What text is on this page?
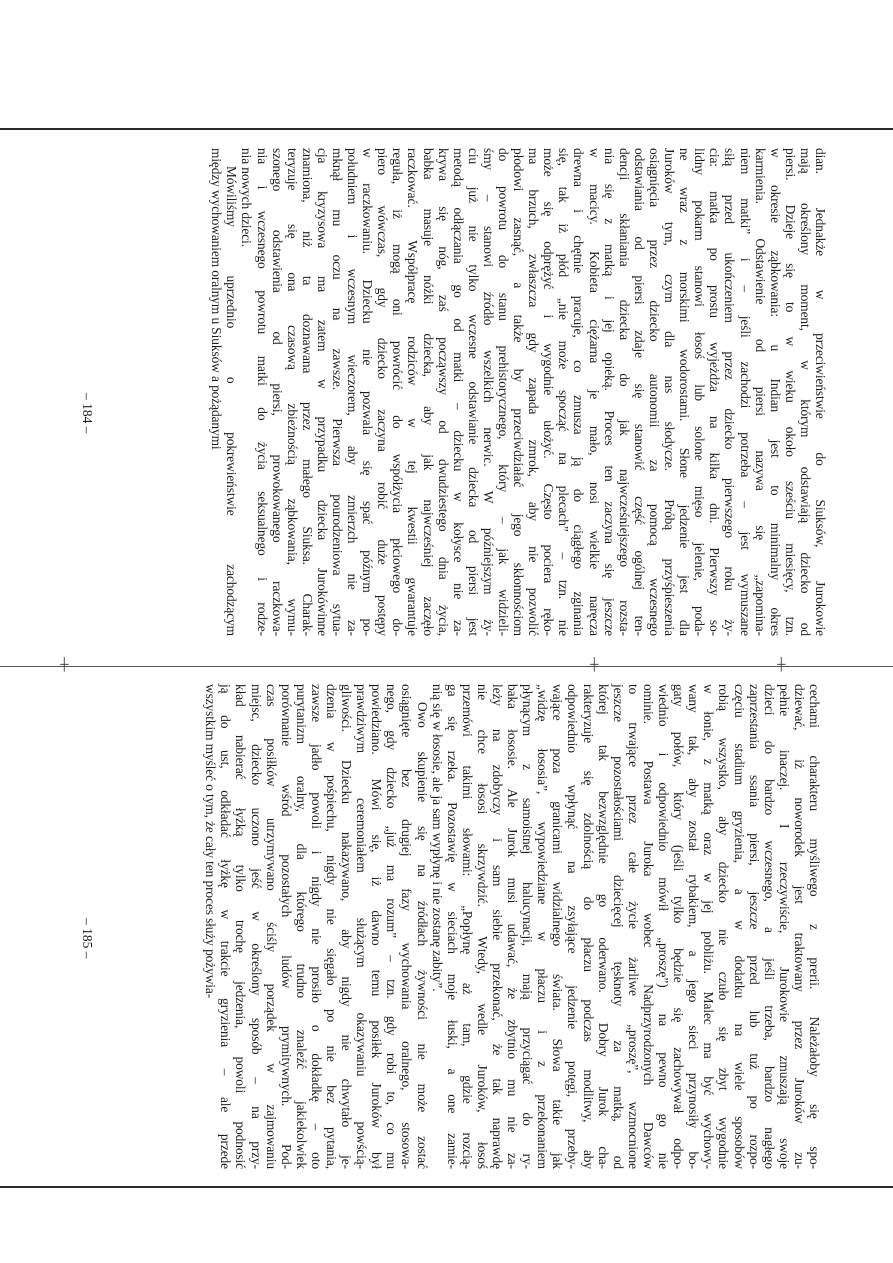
┼	┼	┼
dian. Jednakże w przeciwieństwie do Siuksów, Jurokowie
mają określony moment, w którym odstawiają dziecko od
piersi. Dzieje się to w wieku około sześciu miesięcy, tzn.
w okresie ząbkowania: u Indian jest to minimalny okres
karmienia. Odstawienie od piersi nazywa się „zapomina-
niem matki” i – jeśli zachodzi potrzeba – jest wymuszane
siłą przed ukończeniem przez dziecko pierwszego roku ży-
cia: matka po prostu wyjeżdża na kilka dni. Pierwszy so-
lidny pokarm stanowi łosoś lub solone mięso jelenie, poda-
ne wraz z morskimi wodorostami. Słone jedzenie jest dla
Juroków tym, czym dla nas słodycze. Próbą przyśpieszenia
osiągnięcia przez dziecko autonomii za pomocą wczesnego
odstawiania od piersi zdaje się stanowić część ogólnej ten-
dencji skłaniania dziecka do jak najwcześniejszego rozsta-
nia się z matką i jej opieką. Proces ten zaczyna się jeszcze
w macicy. Kobieta ciężarna je mało, nosi wielkie naręcza
drewna i chętnie pracuje, co zmusza ją do ciągłego zginania
się, tak iż płód „nie może spocząć na plecach” – tzn. nie
może się odprężyć i wygodnie ułożyć. Często pociera ręko-
ma brzuch, zwłaszcza gdy zapada zmrok, aby nie pozwolić
płodowi zasnąć, a także by przeciwdziałać jego skłonnościom
do powrotu do stanu prehistorycznego, który – jak widzieli-
śmy – stanowi źródło wszelkich nerwic. W późniejszym ży-
ciu już nie tylko wczesne odstawianie dziecka od piersi jest
metodą odłączania go od matki – dziecku w kołysce nie za-
krywa się nóg, zaś począwszy od dwudziestego dnia życia,
babka masuje nóżki dziecka, aby jak najwcześniej zaczęło
raczkować. Współpracę rodziców w tej kwestii gwarantuje
reguła, iż mogą oni powrócić do współżycia płciowego do-
piero wówczas, gdy dziecko zaczyna robić duże postępy
w raczkowaniu. Dziecku nie pozwala się spać późnym po-
południem i wczesnym wieczorem, aby zmierzch nie za-
mknął mu oczu na zawsze. Pierwsza pourodzeniowa sytua-
cja kryzysowa ma zatem w przypadku dziecka Jurokówinne
znamiona, niż ta doznawana przez małego Siuksa. Charak-
teryzuje się ona czasową zbieżnością ząbkowania, wymu-
szonego odstawienia od piersi, prowokowanego raczkowa-
nia i wczesnego powrotu matki do życia seksualnego i rodze-
nia nowych dzieci.
Mówiliśmy uprzednio o pokrewieństwie zachodzącym
między wychowaniem oralnym u Siuksów a pożądanymi
– 184 –
cechami charakteru myśliwego z prerii. Należałoby się spo-
dziewać, iż noworodek jest traktowany przez Juroków zu-
pełnie inaczej. I rzeczywiście, Jurokowie zmuszają swoje
dzieci do bardzo wczesnego, a jeśli trzeba, bardzo nagłego
zaprzestania ssania piersi, jeszcze przed lub tuż po rozpo-
częciu stadium gryzienia, a w dodatku na wiele sposobów
robią wszystko, aby dziecko nie czuło się zbyt wygodnie
w łonie, z matką oraz w jej pobliżu. Malec ma być wychowy-
wany tak, aby został rybakiem, a jego sieci przynosiły bo-
gaty połów, który (jeśli tylko będzie się zachowywał odpo-
wiednio i odpowiednio mówił „proszę”) na pewno go nie
ominie. Postawa Juroka wobec Nadprzyrodzonych Dawców
to trwające przez całe życie żarliwe „proszę”, wzmocnione
jeszcze pozostałościami dziecięcej tęsknoty za matką, od
której tak bezwzględnie go oderwano. Dobry Jurok cha-
rakteryzuje się zdolnością do płaczu podczas modlitwy, aby
odpowiednio wpłynąć na zsyłające jedzenie potęgi, przeby-
wające poza granicami widzialnego świata. Słowa takie jak
„widzę łososia”, wypowiedziane w płaczu i z przekonaniem
płynącym z samoistnej halucynacji, mają przyciągać do ry-
baka łososie. Ale Jurok musi udawać, że zbytnio mu nie za-
leży na zdobyczy i sam siebie przekonać, że tak naprawdę
nie chce łososi skrzywdzić. Wtedy, wedle Juroków, łosoś
przemówi takimi słowami: „Popłynę aż tam, gdzie rozcią-
ga się rzeka. Pozostawię w sieciach moje łuski, a one zamie-
nią się w łososie, ale ja sam wypłynę i nie zostanę zabity”.
Owo skupienie się na źródłach żywności nie może zostać
osiągnięte bez drugiej fazy wychowania oralnego, stosowa-
nego, gdy dziecko „już ma rozum” – tzn. gdy robi to, co mu
powiedziano. Mówi się, iż dawno temu posiłek Juroków był
prawdziwym ceremoniałem służącym okazywaniu powścią-
gliwości. Dziecku nakazywano, aby nigdy nie chwytało je-
dzenia w pośpiechu, nigdy nie sięgało po nie bez pytania,
zawsze jadło powoli i nigdy nie prosiło o dokładkę – oto
purytanizm oralny, dla którego trudno znaleźć jakiekolwiek
porównanie wśród pozostałych ludów prymitywnych. Pod-
czas posiłków utrzymywano ściśly porządek w zajmowaniu
miejsc, dziecko uczono jeść w określony sposób – na przy-
kład nabierać łyżką tylko trochę jedzenia, powoli podnosić
ją do ust, odkładać łyżkę w trakcie gryzienia – ale przede
wszystkim myśleć o tym, że cały ten proces służy pożywia-
– 185 –
